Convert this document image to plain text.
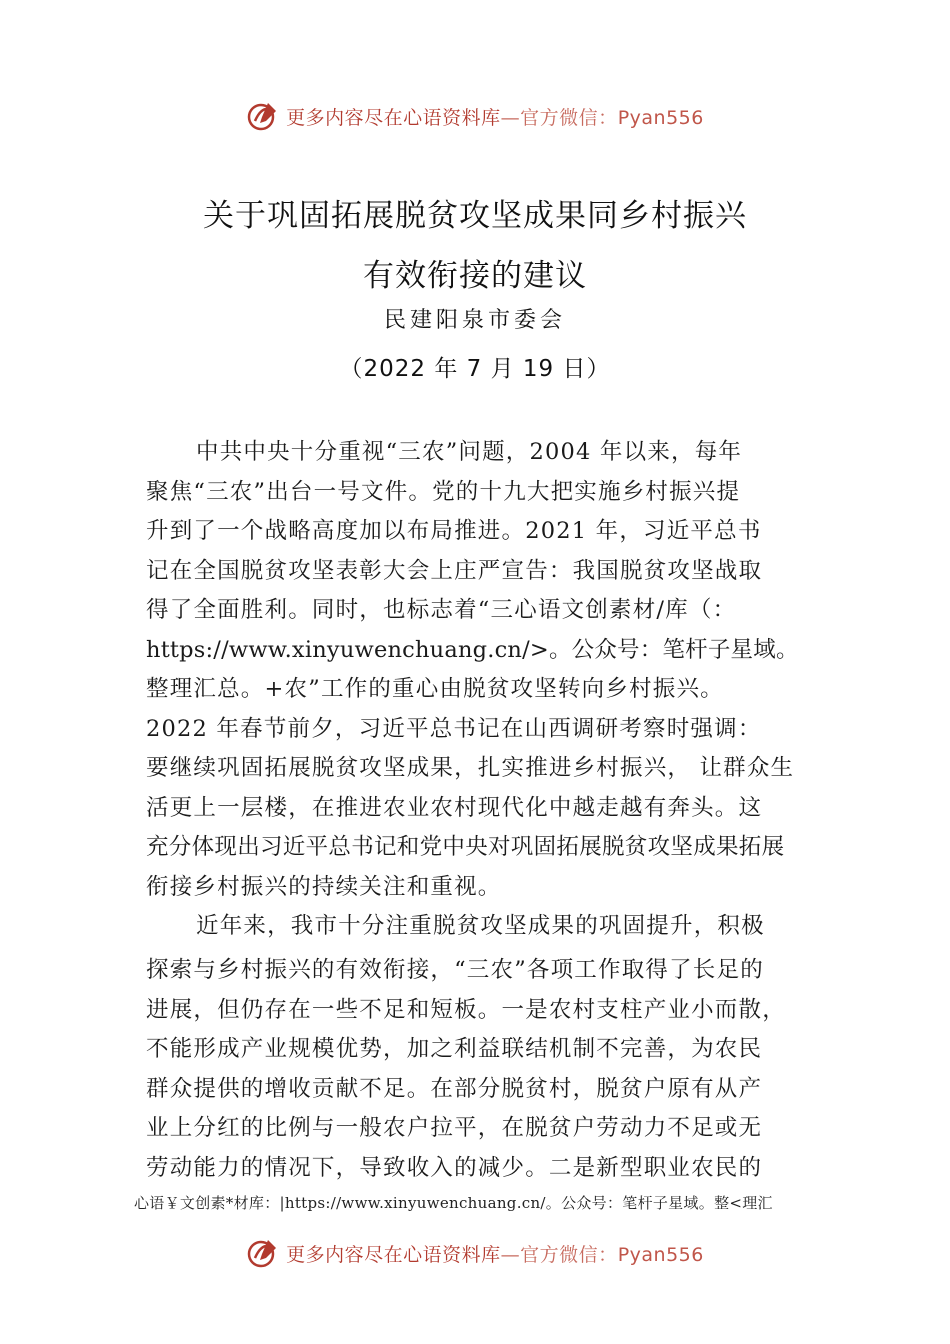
更多内容尽在心语资料库—官方微信：Pyan556
关于巩固拓展脱贫攻坚成果同乡村振兴
有效衔接的建议
民建阳泉市委会
（2022 年 7 月 19 日）
中共中央十分重视“三农”问题，2004 年以来，每年
聚焦“三农”出台一号文件。党的十九大把实施乡村振兴提
升到了一个战略高度加以布局推进。2021 年，习近平总书
记在全国脱贫攻坚表彰大会上庄严宣告：我国脱贫攻坚战取
得了全面胜利。同时，也标志着“三心语文创素材/库（：
https://www.xinyuwenchuang.cn/>。公众号：笔杆子星域。
整理汇总。+农”工作的重心由脱贫攻坚转向乡村振兴。
2022 年春节前夕，习近平总书记在山西调研考察时强调：
要继续巩固拓展脱贫攻坚成果，扎实推进乡村振兴， 让群众生
活更上一层楼，在推进农业农村现代化中越走越有奔头。这
充分体现出习近平总书记和党中央对巩固拓展脱贫攻坚成果拓展
衔接乡村振兴的持续关注和重视。
近年来，我市十分注重脱贫攻坚成果的巩固提升，积极
探索与乡村振兴的有效衔接，“三农”各项工作取得了长足的
进展，但仍存在一些不足和短板。一是农村支柱产业小而散，
不能形成产业规模优势，加之利益联结机制不完善，为农民
群众提供的增收贡献不足。在部分脱贫村，脱贫户原有从产
业上分红的比例与一般农户拉平，在脱贫户劳动力不足或无
劳动能力的情况下，导致收入的减少。二是新型职业农民的
心语￥文创素*材库：|https://www.xinyuwenchuang.cn/。公众号：笔杆子星域。整<理汇
更多内容尽在心语资料库—官方微信：Pyan556
